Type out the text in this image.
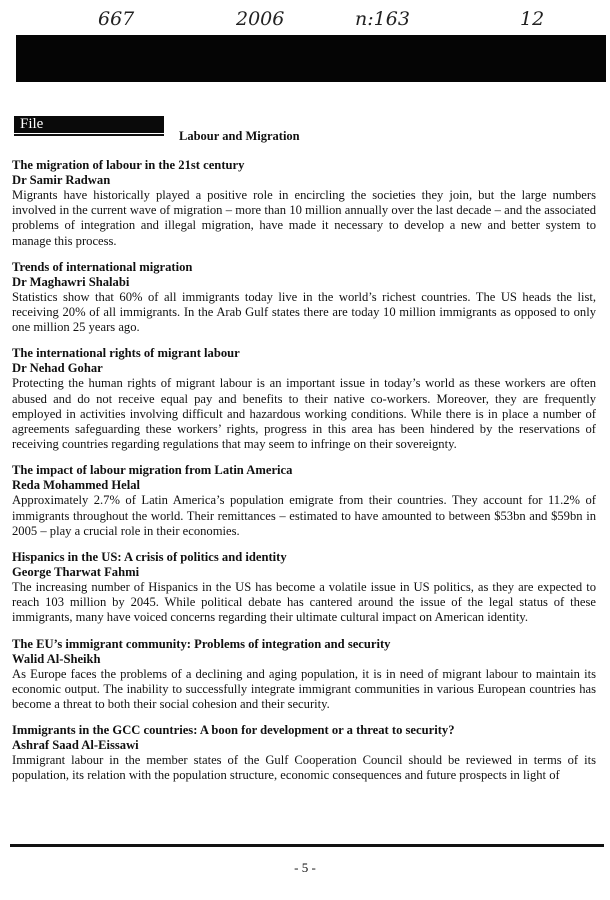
667	2006	n:163	12
File
Labour and Migration
The migration of labour in the 21st century
Dr Samir Radwan
Migrants have historically played a positive role in encircling the societies they join, but the large numbers involved in the current wave of migration – more than 10 million annually over the last decade – and the associated problems of integration and illegal migration, have made it necessary to develop a new and better system to manage this process.
Trends of international migration
Dr Maghawri Shalabi
Statistics show that 60% of all immigrants today live in the world’s richest countries. The US heads the list, receiving 20% of all immigrants. In the Arab Gulf states there are today 10 million immigrants as opposed to only one million 25 years ago.
The international rights of migrant labour
Dr Nehad Gohar
Protecting the human rights of migrant labour is an important issue in today’s world as these workers are often abused and do not receive equal pay and benefits to their native co-workers. Moreover, they are frequently employed in activities involving difficult and hazardous working conditions. While there is in place a number of agreements safeguarding these workers’ rights, progress in this area has been hindered by the reservations of receiving countries regarding regulations that may seem to infringe on their sovereignty.
The impact of labour migration from Latin America
Reda Mohammed Helal
Approximately 2.7% of Latin America’s population emigrate from their countries. They account for 11.2% of immigrants throughout the world. Their remittances – estimated to have amounted to between $53bn and $59bn in 2005 – play a crucial role in their economies.
Hispanics in the US: A crisis of politics and identity
George Tharwat Fahmi
The increasing number of Hispanics in the US has become a volatile issue in US politics, as they are expected to reach 103 million by 2045. While political debate has cantered around the issue of the legal status of these immigrants, many have voiced concerns regarding their ultimate cultural impact on American identity.
The EU’s immigrant community: Problems of integration and security
Walid Al-Sheikh
As Europe faces the problems of a declining and aging population, it is in need of migrant labour to maintain its economic output. The inability to successfully integrate immigrant communities in various European countries has become a threat to both their social cohesion and their security.
Immigrants in the GCC countries: A boon for development or a threat to security?
Ashraf Saad Al-Eissawi
Immigrant labour in the member states of the Gulf Cooperation Council should be reviewed in terms of its population, its relation with the population structure, economic consequences and future prospects in light of
- 5 -
